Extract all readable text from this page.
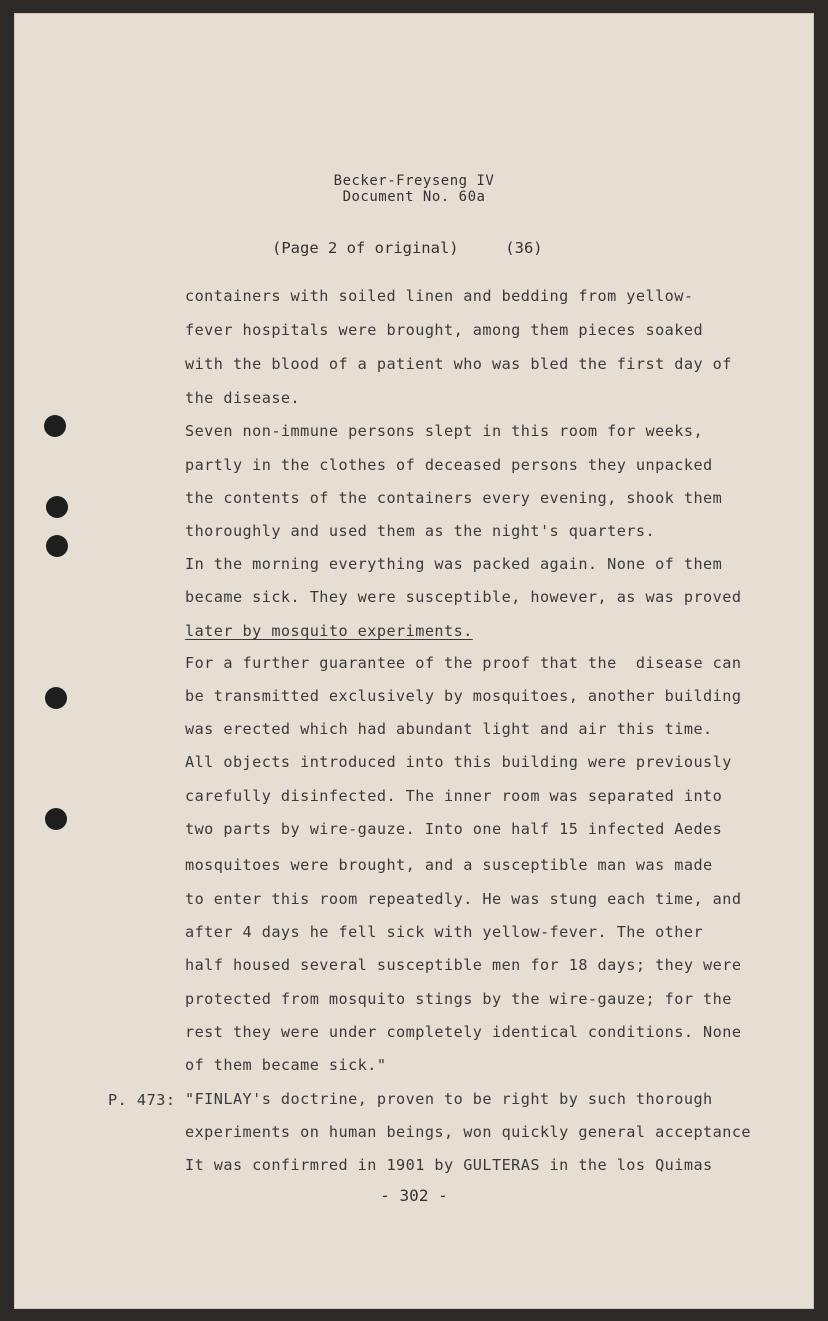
Becker-Freyseng IV
Document No. 60a
(Page 2 of original)     (36)
containers with soiled linen and bedding from yellow-
fever hospitals were brought, among them pieces soaked
with the blood of a patient who was bled the first day of
the disease.
Seven non-immune persons slept in this room for weeks,
partly in the clothes of deceased persons they unpacked
the contents of the containers every evening, shook them
thoroughly and used them as the night's quarters.
In the morning everything was packed again. None of them
became sick. They were susceptible, however, as was proved
later by mosquito experiments.
For a further guarantee of the proof that the  disease can
be transmitted exclusively by mosquitoes, another building
was erected which had abundant light and air this time.
All objects introduced into this building were previously
carefully disinfected. The inner room was separated into
two parts by wire-gauze. Into one half 15 infected Aedes
mosquitoes were brought, and a susceptible man was made
to enter this room repeatedly. He was stung each time, and
after 4 days he fell sick with yellow-fever. The other
half housed several susceptible men for 18 days; they were
protected from mosquito stings by the wire-gauze; for the
rest they were under completely identical conditions. None
of them became sick."
P. 473: "FINLAY's doctrine, proven to be right by such thorough
experiments on human beings, won quickly general acceptance
It was confirmred in 1901 by GULTERAS in the los Quimas
- 302 -
